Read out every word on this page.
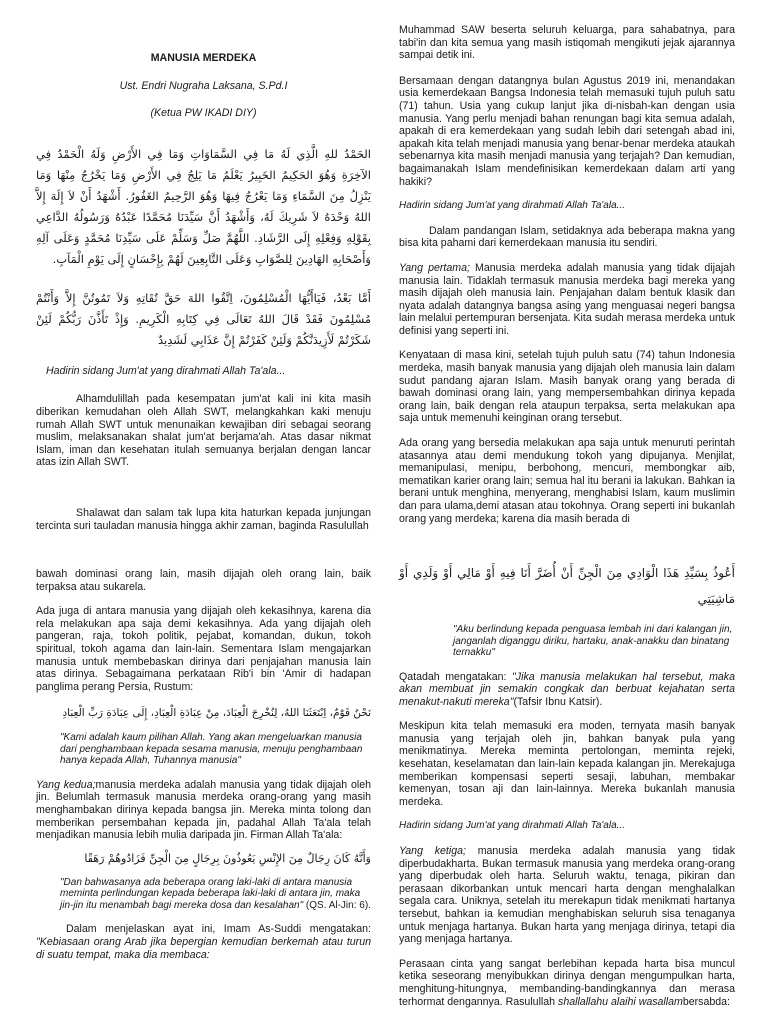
MANUSIA MERDEKA

Ust. Endri Nugraha Laksana, S.Pd.I

(Ketua PW IKADI DIY)

الحَمْدُ للهِ الَّذِي لَهُ مَا فِي السَّمَاوَاتِ وَمَا فِي الأَرْضِ وَلَهُ الْحَمْدُ فِي الآخِرَةِ وَهُوَ الحَكِيمُ الخَبِيرُ يَعْلَمُ مَا يَلِجُ فِي الأَرْضِ وَمَا يَخْرُجُ مِنْهَا وَمَا يَنْزِلُ مِنَ السَّمَاءِ وَمَا يَعْرُجُ فِيهَا وَهُوَ الرَّحِيمُ الغَفُورُ. أَشْهَدُ أَنْ لاَ إِلَهَ إِلاَّ اللهُ وَحْدَهُ لاَ شَرِيكَ لَهُ، وَأَشْهَدُ أَنَّ سَيِّدَنَا مُحَمَّدًا عَبْدُهُ وَرَسُولُهُ الدَّاعِي بِقَوْلِهِ وَفِعْلِهِ إِلَى الرَّشَادِ. اللَّهُمَّ صَلِّ وَسَلِّمْ عَلَى سَيِّدِنَا مُحَمَّدٍ وَعَلَى آلِهِ وَأَصْحَابِهِ الهَادِينَ لِلصَّوَابِ وَعَلَى التَّابِعِينَ لَهُمْ بِإِحْسَانٍ إِلَى يَوْمِ الْمَآبِ.

أَمَّا بَعْدُ، فَيَاأَيُّهَا الْمُسْلِمُونَ، اِتَّقُوا اللهَ حَقَّ تُقَاتِهِ وَلاَ تَمُوتُنَّ إِلاَّ وَأَنْتُمْ مُسْلِمُونَ فَقَدْ قَالَ اللهُ تَعَالَى فِي كِتَابِهِ الْكَرِيمِ. وَإِذْ تَأَذَّنَ رَبُّكُمْ لَئِنْ شَكَرْتُمْ لَأَزِيدَنَّكُمْ وَلَئِنْ كَفَرْتُمْ إِنَّ عَذَابِي لَشَدِيدٌ

Hadirin sidang Jum'at yang dirahmati Allah Ta'ala...

Alhamdulillah pada kesempatan jum'at kali ini kita masih diberikan kemudahan oleh Allah SWT, melangkahkan kaki menuju rumah Allah SWT untuk menunaikan kewajiban diri sebagai seorang muslim, melaksanakan shalat jum'at berjama'ah. Atas dasar nikmat Islam, iman dan kesehatan itulah semuanya berjalan dengan lancar atas izin Allah SWT.

Shalawat dan salam tak lupa kita haturkan kepada junjungan tercinta suri tauladan manusia hingga akhir zaman, baginda Rasulullah

Muhammad SAW beserta seluruh keluarga, para sahabatnya, para tabi'in dan kita semua yang masih istiqomah mengikuti jejak ajarannya sampai detik ini.

Bersamaan dengan datangnya bulan Agustus 2019 ini, menandakan usia kemerdekaan Bangsa Indonesia telah memasuki tujuh puluh satu (71) tahun. Usia yang cukup lanjut jika di-nisbah-kan dengan usia manusia. Yang perlu menjadi bahan renungan bagi kita semua adalah, apakah di era kemerdekaan yang sudah lebih dari setengah abad ini, apakah kita telah menjadi manusia yang benar-benar merdeka ataukah sebenarnya kita masih menjadi manusia yang terjajah? Dan kemudian, bagaimanakah Islam mendefinisikan kemerdekaan dalam arti yang hakiki?

Hadirin sidang Jum'at yang dirahmati Allah Ta'ala...

Dalam pandangan Islam, setidaknya ada beberapa makna yang bisa kita pahami dari kemerdekaan manusia itu sendiri.

Yang pertama; Manusia merdeka adalah manusia yang tidak dijajah manusia lain. Tidaklah termasuk manusia merdeka bagi mereka yang masih dijajah oleh manusia lain. Penjajahan dalam bentuk klasik dan nyata adalah datangnya bangsa asing yang menguasai negeri bangsa lain melalui pertempuran bersenjata. Kita sudah merasa merdeka untuk definisi yang seperti ini.

Kenyataan di masa kini, setelah tujuh puluh satu (74) tahun Indonesia merdeka, masih banyak manusia yang dijajah oleh manusia lain dalam sudut pandang ajaran Islam. Masih banyak orang yang berada di bawah dominasi orang lain, yang mempersembahkan dirinya kepada orang lain, baik dengan rela ataupun terpaksa, serta melakukan apa saja untuk memenuhi keinginan orang tersebut.

Ada orang yang bersedia melakukan apa saja untuk menuruti perintah atasannya atau demi mendukung tokoh yang dipujanya. Menjilat, memanipulasi, menipu, berbohong, mencuri, membongkar aib, mematikan karier orang lain; semua hal itu berani ia lakukan. Bahkan ia berani untuk menghina, menyerang, menghabisi Islam, kaum muslimin dan para ulama,demi atasan atau tokohnya. Orang seperti ini bukanlah orang yang merdeka; karena dia masih berada di

bawah dominasi orang lain, masih dijajah oleh orang lain, baik terpaksa atau sukarela.

Ada juga di antara manusia yang dijajah oleh kekasihnya, karena dia rela melakukan apa saja demi kekasihnya. Ada yang dijajah oleh pangeran, raja, tokoh politik, pejabat, komandan, dukun, tokoh spiritual, tokoh agama dan lain-lain. Sementara Islam mengajarkan manusia untuk membebaskan dirinya dari penjajahan manusia lain atas dirinya. Sebagaimana perkataan Rib'i bin 'Amir di hadapan panglima perang Persia, Rustum:

نَحْنُ قَوْمٌ، اِبْتَعَثَنَا اللهُ، لِنُخْرِجَ الْعِبَادَ، مِنْ عِبَادَةِ الْعِبَادِ، إِلَى عِبَادَةِ رَبِّ الْعِبَادِ

"Kami adalah kaum pilihan Allah. Yang akan mengeluarkan manusia dari penghambaan kepada sesama manusia, menuju penghambaan hanya kepada Allah, Tuhannya manusia"

Yang kedua;manusia merdeka adalah manusia yang tidak dijajah oleh jin. Belumlah termasuk manusia merdeka orang-orang yang masih menghambakan dirinya kepada bangsa jin. Mereka minta tolong dan memberikan persembahan kepada jin, padahal Allah Ta'ala telah menjadikan manusia lebih mulia daripada jin. Firman Allah Ta'ala:

وَأَنَّهُ كَانَ رِجَالٌ مِنَ الإِنْسِ يَعُوذُونَ بِرِجَالٍ مِنَ الْجِنِّ فَزَادُوهُمْ رَهَقًا

"Dan bahwasanya ada beberapa orang laki-laki di antara manusia meminta perlindungan kepada beberapa laki-laki di antara jin, maka jin-jin itu menambah bagi mereka dosa dan kesalahan" (QS. Al-Jin: 6).

Dalam menjelaskan ayat ini, Imam As-Suddi mengatakan: "Kebiasaan orang Arab jika bepergian kemudian berkemah atau turun di suatu tempat, maka dia membaca:

أَعُوذُ بِسَيِّدِ هَذَا الْوَادِي مِنَ الْجِنِّ أَنْ أُضَرَّ أَنَا فِيهِ أَوْ مَالِي أَوْ وَلَدِي أَوْ مَاشِيَتِي

"Aku berlindung kepada penguasa lembah ini dari kalangan jin, janganlah diganggu diriku, hartaku, anak-anakku dan binatang ternakku"

Qatadah mengatakan: "Jika manusia melakukan hal tersebut, maka akan membuat jin semakin congkak dan berbuat kejahatan serta menakut-nakuti mereka"(Tafsir Ibnu Katsir).

Meskipun kita telah memasuki era moden, ternyata masih banyak manusia yang terjajah oleh jin, bahkan banyak pula yang menikmatinya. Mereka meminta pertolongan, meminta rejeki, kesehatan, keselamatan dan lain-lain kepada kalangan jin. Merekajuga memberikan kompensasi seperti sesaji, labuhan, membakar kemenyan, tosan aji dan lain-lainnya. Mereka bukanlah manusia merdeka.

Hadirin sidang Jum'at yang dirahmati Allah Ta'ala...

Yang ketiga; manusia merdeka adalah manusia yang tidak diperbudakharta. Bukan termasuk manusia yang merdeka orang-orang yang diperbudak oleh harta. Seluruh waktu, tenaga, pikiran dan perasaan dikorbankan untuk mencari harta dengan menghalalkan segala cara. Uniknya, setelah itu merekapun tidak menikmati hartanya tersebut, bahkan ia kemudian menghabiskan seluruh sisa tenaganya untuk menjaga hartanya. Bukan harta yang menjaga dirinya, tetapi dia yang menjaga hartanya.

Perasaan cinta yang sangat berlebihan kepada harta bisa muncul ketika seseorang menyibukkan dirinya dengan mengumpulkan harta, menghitung-hitungnya, membanding-bandingkannya dan merasa terhormat dengannya. Rasulullah shallallahu alaihi wasallambersabda:
